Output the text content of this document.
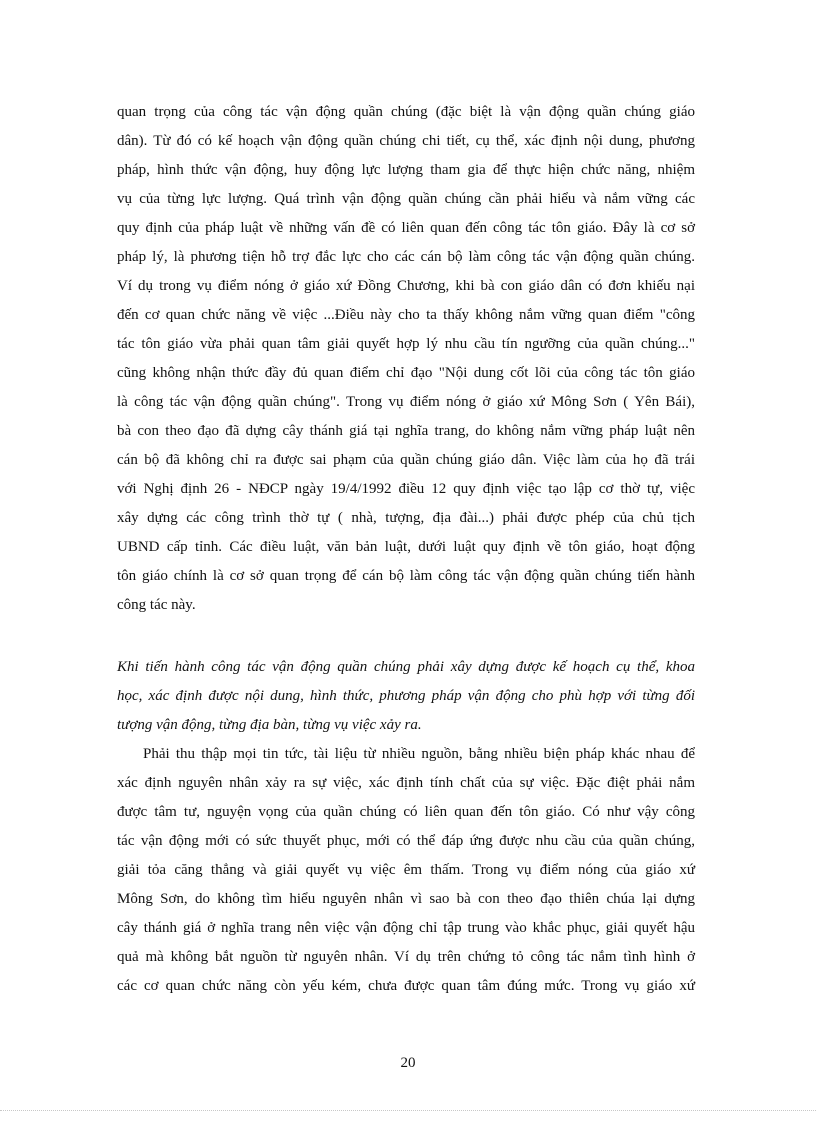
quan trọng của công tác vận động quần chúng (đặc biệt là vận động quần chúng giáo
dân). Từ đó có kế hoạch vận động quần chúng chi tiết, cụ thể, xác định nội dung, phương
pháp, hình thức vận động, huy động lực lượng tham gia để thực hiện chức năng, nhiệm
vụ của từng lực lượng. Quá trình vận động quần chúng cần phải hiểu và nắm vững các
quy định của pháp luật về những vấn đề có liên quan đến công tác tôn giáo. Đây là cơ sở
pháp lý, là phương tiện hỗ trợ đắc lực cho các cán bộ làm công tác vận động quần chúng.
Ví dụ trong vụ điểm nóng ở giáo xứ Đồng Chương, khi bà con giáo dân có đơn khiếu nại
đến cơ quan chức năng về việc ...Điều này cho ta thấy không nắm vững quan điểm "công
tác tôn giáo vừa phải quan tâm giải quyết hợp lý nhu cầu tín ngưỡng của quần chúng..."
cũng không nhận thức đầy đủ quan điểm chỉ đạo "Nội dung cốt lõi của công tác tôn giáo
là công tác vận động quần chúng". Trong vụ điểm nóng ở giáo xứ Mông Sơn ( Yên Bái),
bà con theo đạo đã dựng cây thánh giá tại nghĩa trang, do không nắm vững pháp luật nên
cán bộ đã không chỉ ra được sai phạm của quần chúng giáo dân. Việc làm của họ đã trái
với Nghị định 26 - NĐCP ngày 19/4/1992 điều 12 quy định việc tạo lập cơ thờ tự, việc
xây dựng các công trình thờ tự ( nhà, tượng, địa đài...) phải được phép của chủ tịch
UBND cấp tỉnh. Các điều luật, văn bản luật, dưới luật quy định về tôn giáo, hoạt động
tôn giáo chính là cơ sở quan trọng để cán bộ làm công tác vận động quần chúng tiến hành
công tác này.
Khi tiến hành công tác vận động quần chúng phải xây dựng được kế hoạch cụ thể, khoa
học, xác định được nội dung, hình thức, phương pháp vận động cho phù hợp với từng đối
tượng vận động, từng địa bàn, từng vụ việc xảy ra.
Phải thu thập mọi tin tức, tài liệu từ nhiều nguồn, bằng nhiều biện pháp khác nhau để
xác định nguyên nhân xảy ra sự việc, xác định tính chất của sự việc. Đặc điệt phải nắm
được tâm tư, nguyện vọng của quần chúng có liên quan đến tôn giáo. Có như vậy công
tác vận động mới có sức thuyết phục, mới có thể đáp ứng được nhu cầu của quần chúng,
giải tỏa căng thẳng và giải quyết vụ việc êm thấm. Trong vụ điểm nóng của giáo xứ
Mông Sơn, do không tìm hiểu nguyên nhân vì sao bà con theo đạo thiên chúa lại dựng
cây thánh giá ở nghĩa trang nên việc vận động chỉ tập trung vào khắc phục, giải quyết hậu
quả mà không bắt nguồn từ nguyên nhân. Ví dụ trên chứng tỏ công tác nắm tình hình ở
các cơ quan chức năng còn yếu kém, chưa được quan tâm đúng mức. Trong vụ giáo xứ
20
